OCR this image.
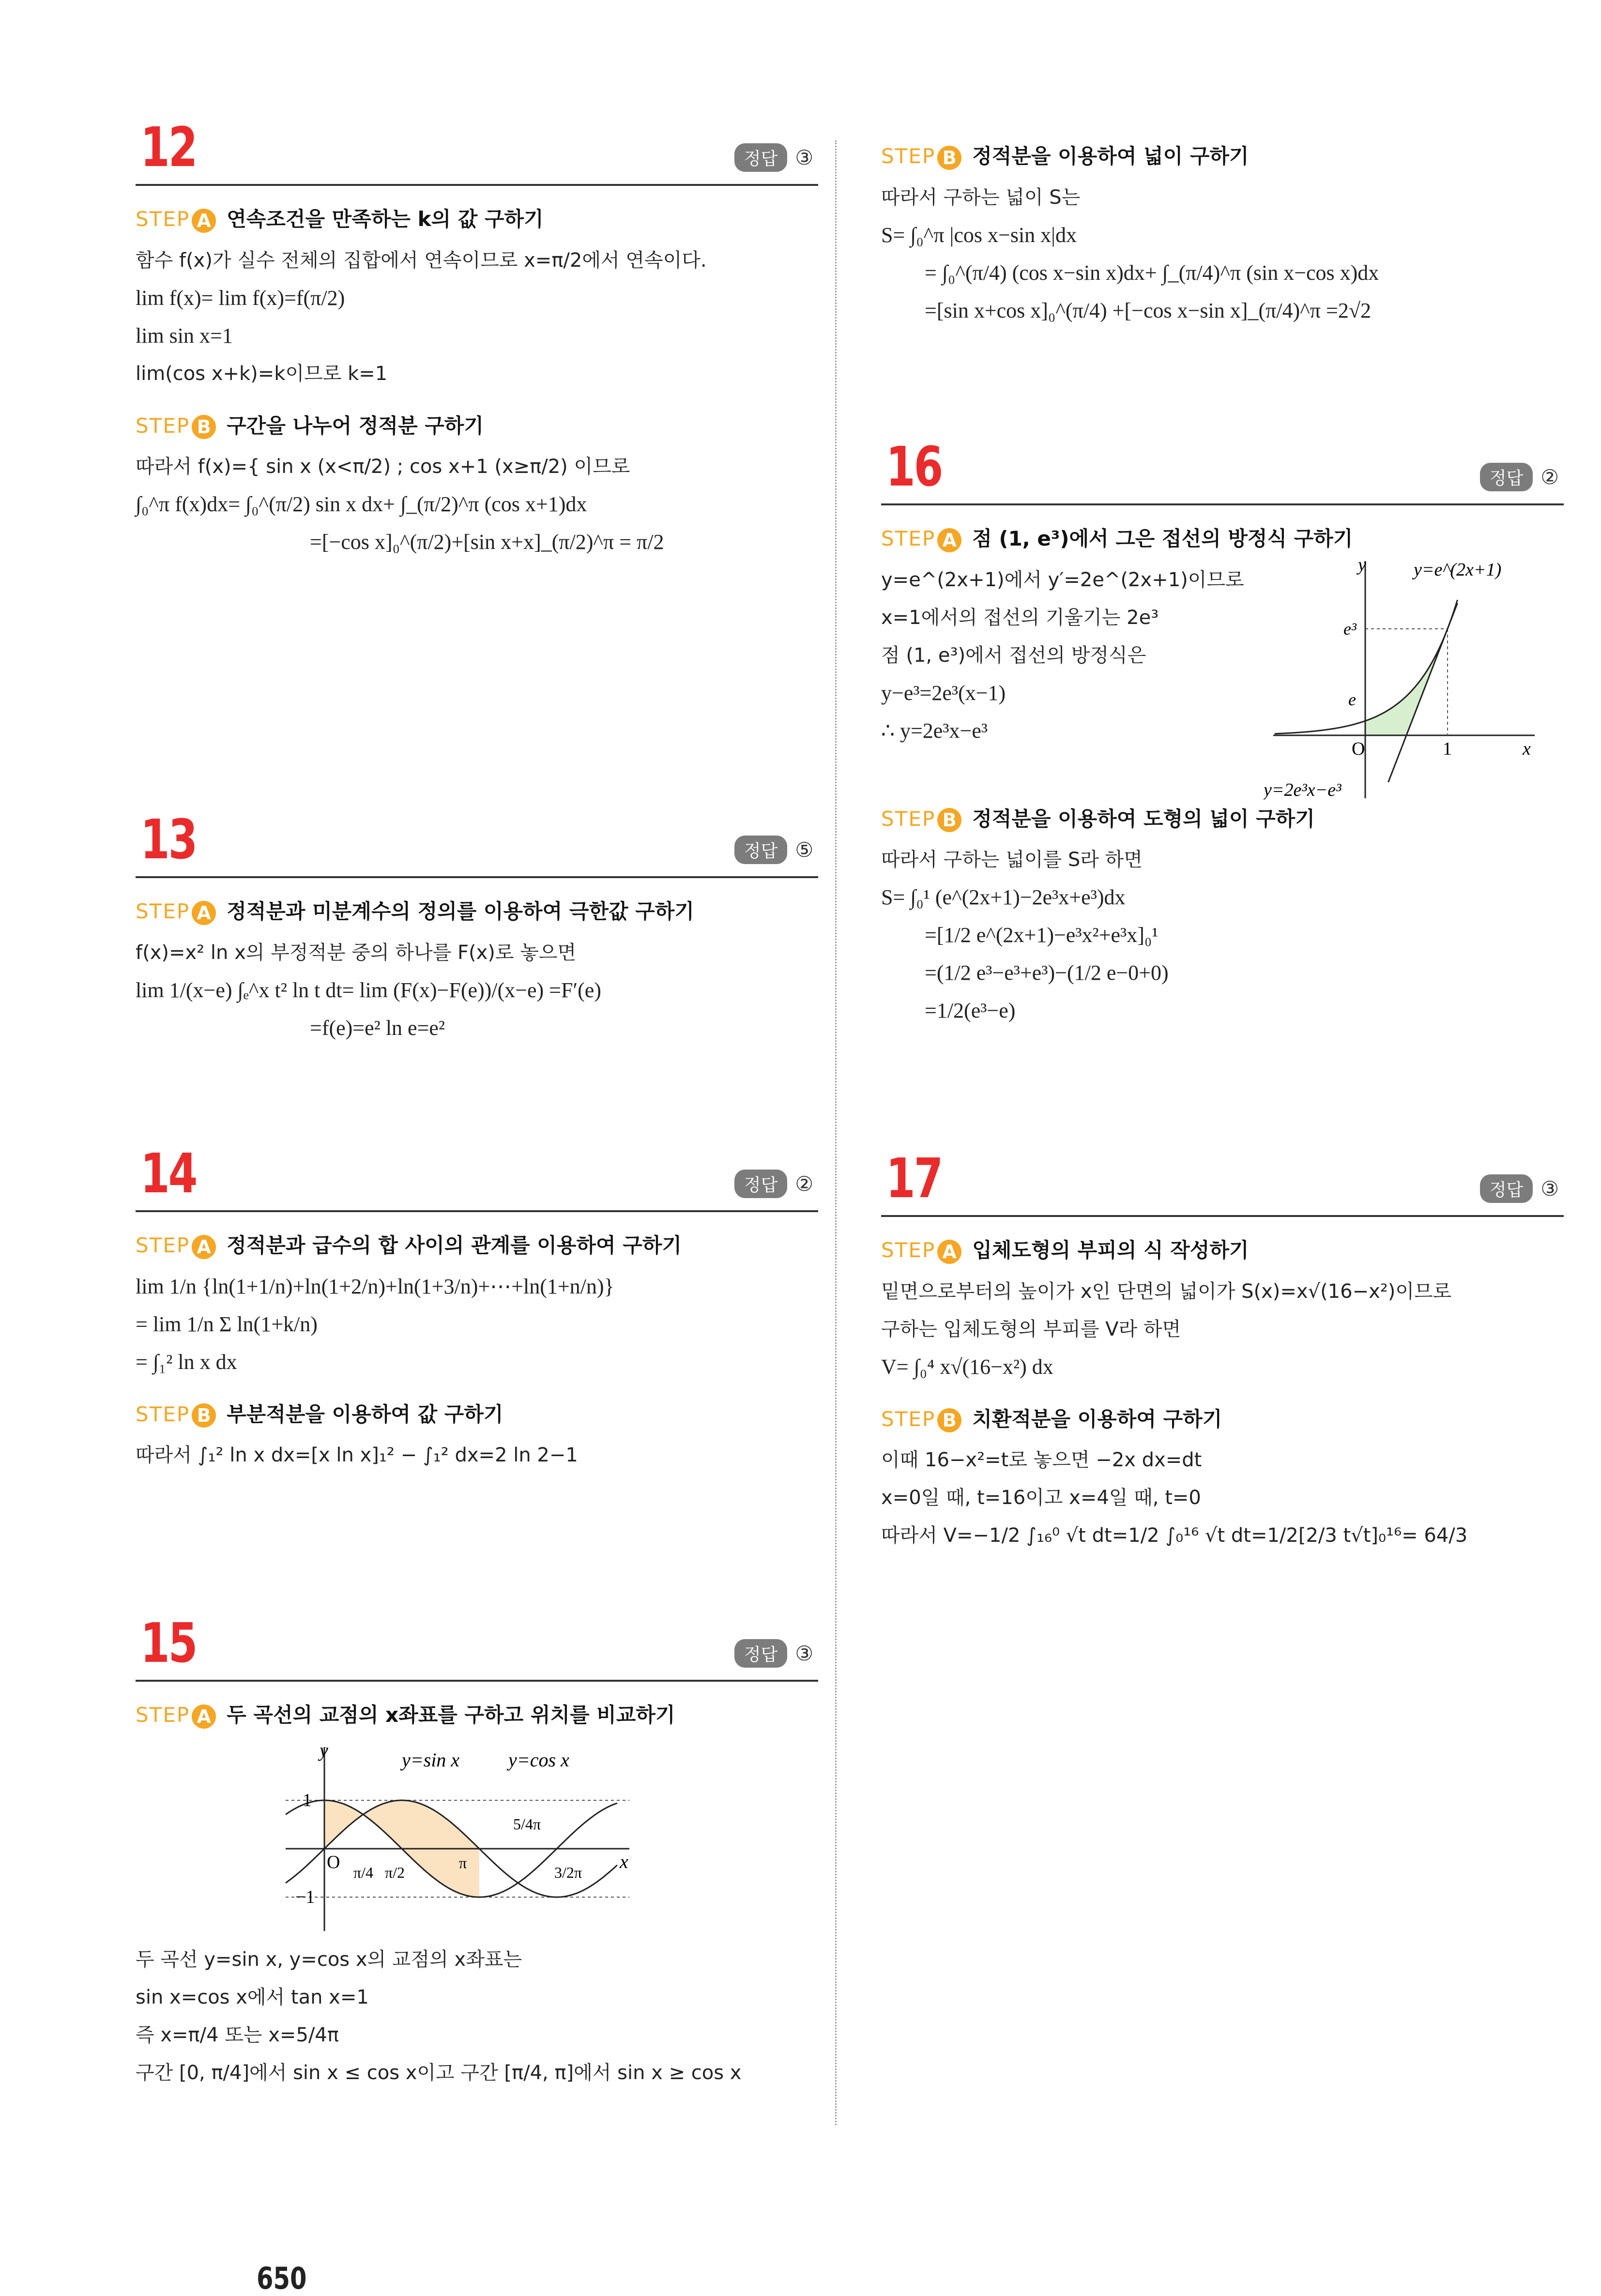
12	정답 ③
STEP A 연속조건을 만족하는 k의 값 구하기
함수 f(x)가 실수 전체의 집합에서 연속이므로 x=π/2에서 연속이다.
lim f(x)= lim f(x)=f(π/2)
lim sin x=1
lim(cos x+k)=k이므로 k=1
STEP B 구간을 나누어 정적분 구하기
따라서 f(x)={ sin x (x<π/2) ; cos x+1 (x≥π/2) 이므로
∫₀^π f(x)dx= ∫₀^(π/2) sin x dx+ ∫_(π/2)^π (cos x+1)dx
=[−cos x]₀^(π/2)+[sin x+x]_(π/2)^π = π/2
13	정답 ⑤
STEP A 정적분과 미분계수의 정의를 이용하여 극한값 구하기
f(x)=x² ln x의 부정적분 중의 하나를 F(x)로 놓으면
lim 1/(x−e) ∫ₑ^x t² ln t dt= lim (F(x)−F(e))/(x−e) =F′(e)
=f(e)=e² ln e=e²
14	정답 ②
STEP A 정적분과 급수의 합 사이의 관계를 이용하여 구하기
lim 1/n {ln(1+1/n)+ln(1+2/n)+ln(1+3/n)+⋯+ln(1+n/n)}
= lim 1/n Σ ln(1+k/n)
= ∫₁² ln x dx
STEP B 부분적분을 이용하여 값 구하기
따라서 ∫₁² ln x dx=[x ln x]₁² − ∫₁² dx=2 ln 2−1
15	정답 ③
STEP A 두 곡선의 교점의 x좌표를 구하고 위치를 비교하기
y
x
O
1
−1
π/4 π/2
π
3/2π
5/4π
y=sin x	y=cos x
두 곡선 y=sin x, y=cos x의 교점의 x좌표는
sin x=cos x에서 tan x=1
즉 x=π/4 또는 x=5/4π
구간 [0, π/4]에서 sin x ≤ cos x이고 구간 [π/4, π]에서 sin x ≥ cos x
650
STEP B 정적분을 이용하여 넓이 구하기
따라서 구하는 넓이 S는
S= ∫₀^π |cos x−sin x|dx
= ∫₀^(π/4) (cos x−sin x)dx+ ∫_(π/4)^π (sin x−cos x)dx
=[sin x+cos x]₀^(π/4) +[−cos x−sin x]_(π/4)^π =2√2
16	정답 ②
STEP A 점 (1, e³)에서 그은 접선의 방정식 구하기
y=e^(2x+1)에서 y′=2e^(2x+1)이므로
x=1에서의 접선의 기울기는 2e³
점 (1, e³)에서 접선의 방정식은
y−e³=2e³(x−1)
∴ y=2e³x−e³
y
x
O	1
e³
e
y=e^(2x+1)
y=2e³x−e³
STEP B 정적분을 이용하여 도형의 넓이 구하기
따라서 구하는 넓이를 S라 하면
S= ∫₀¹ (e^(2x+1)−2e³x+e³)dx
=[1/2 e^(2x+1)−e³x²+e³x]₀¹
=(1/2 e³−e³+e³)−(1/2 e−0+0)
=1/2(e³−e)
17	정답 ③
STEP A 입체도형의 부피의 식 작성하기
밑면으로부터의 높이가 x인 단면의 넓이가 S(x)=x√(16−x²)이므로
구하는 입체도형의 부피를 V라 하면
V= ∫₀⁴ x√(16−x²) dx
STEP B 치환적분을 이용하여 구하기
이때 16−x²=t로 놓으면 −2x dx=dt
x=0일 때, t=16이고 x=4일 때, t=0
따라서 V=−1/2 ∫₁₆⁰ √t dt=1/2 ∫₀¹⁶ √t dt=1/2[2/3 t√t]₀¹⁶= 64/3
